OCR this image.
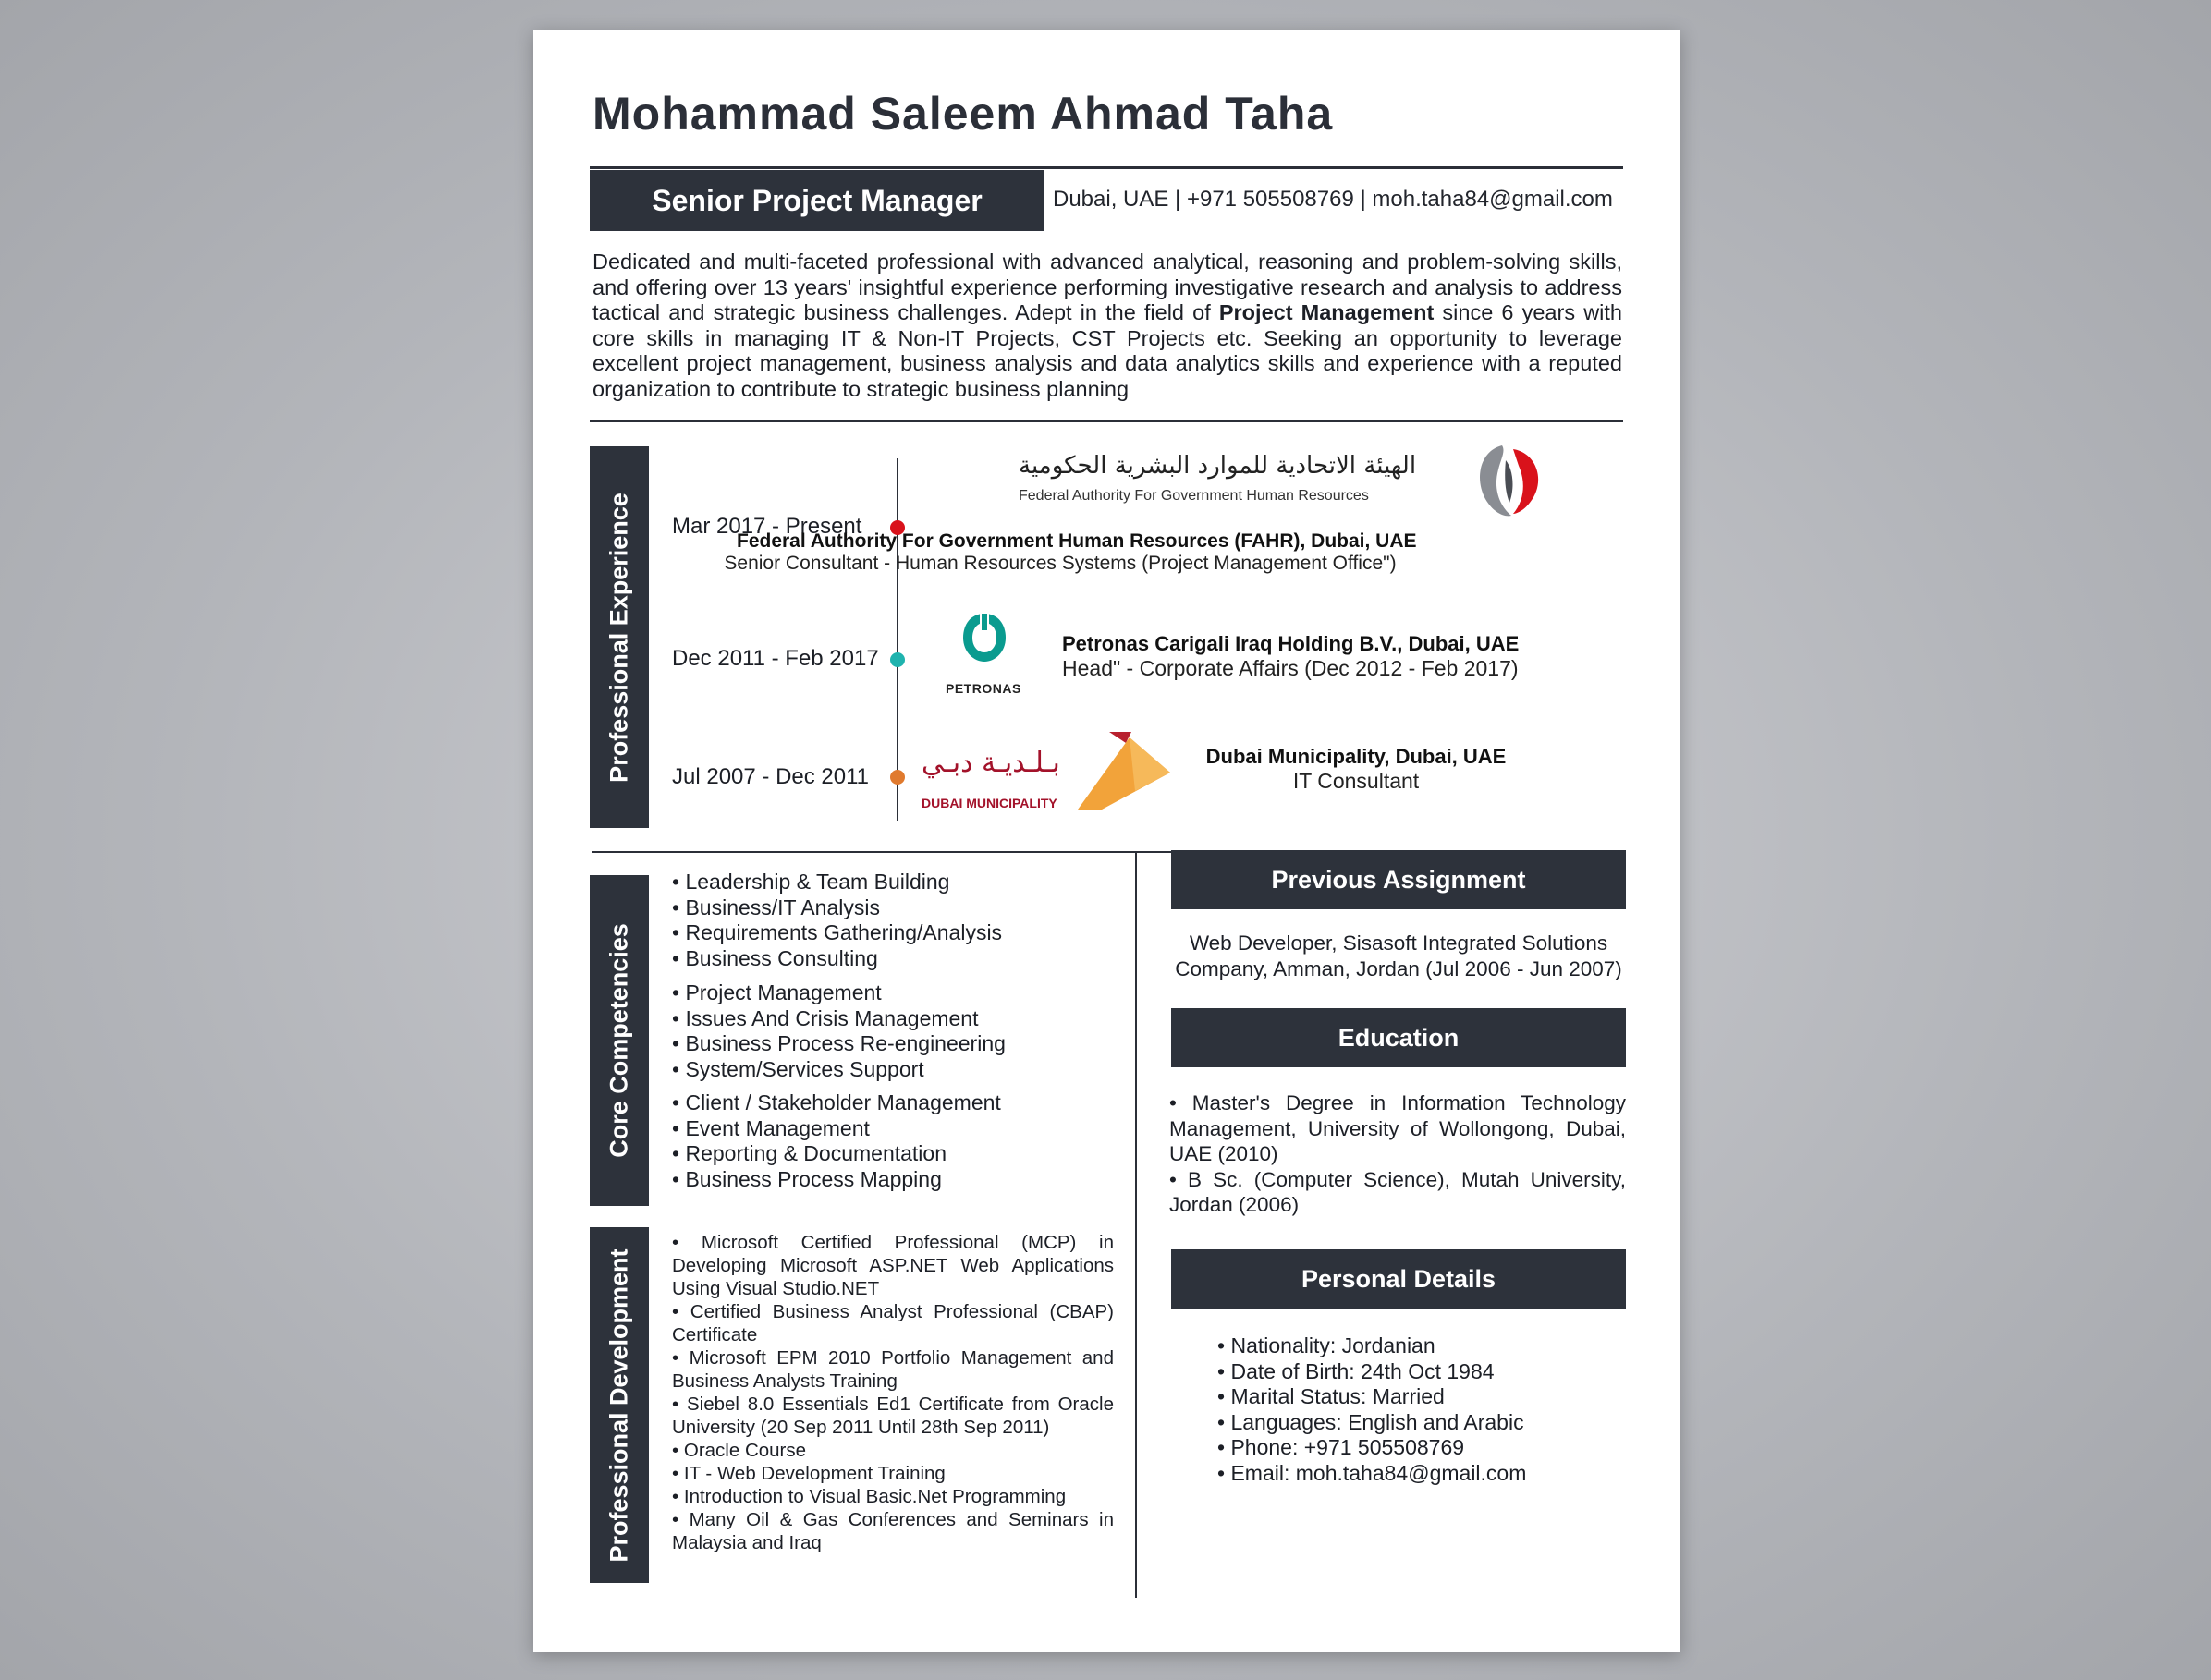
Mohammad Saleem Ahmad Taha
Senior Project Manager	Dubai, UAE | +971 505508769 | moh.taha84@gmail.com
Dedicated and multi-faceted professional with advanced analytical, reasoning and problem-solving skills, and offering over 13 years' insightful experience performing investigative research and analysis to address tactical and strategic business challenges. Adept in the field of Project Management since 6 years with core skills in managing IT & Non-IT Projects, CST Projects etc. Seeking an opportunity to leverage excellent project management, business analysis and data analytics skills and experience with a reputed organization to contribute to strategic business planning
Professional Experience Mar 2017 - Present
الهيئة الاتحادية للموارد البشرية الحكومية
Federal Authority For Government Human Resources
Federal Authority For Government Human Resources (FAHR), Dubai, UAE
Senior Consultant - Human Resources Systems (Project Management Office")
Dec 2011 - Feb 2017
PETRONAS
Petronas Carigali Iraq Holding B.V., Dubai, UAE
Head" - Corporate Affairs (Dec 2012 - Feb 2017)
Jul 2007 - Dec 2011 بـلـديـة دبـي
DUBAI MUNICIPALITY
Dubai Municipality, Dubai, UAE
IT Consultant
Core Competencies
• Leadership & Team Building
• Business/IT Analysis
• Requirements Gathering/Analysis
• Business Consulting
• Project Management
• Issues And Crisis Management
• Business Process Re-engineering
• System/Services Support
• Client / Stakeholder Management
• Event Management
• Reporting & Documentation
• Business Process Mapping
Professional Development
• Microsoft Certified Professional (MCP) in Developing Microsoft ASP.NET Web Applications Using Visual Studio.NET
• Certified Business Analyst Professional (CBAP) Certificate
• Microsoft EPM 2010 Portfolio Management and Business Analysts Training
• Siebel 8.0 Essentials Ed1 Certificate from Oracle University (20 Sep 2011 Until 28th Sep 2011)
• Oracle Course
• IT - Web Development Training
• Introduction to Visual Basic.Net Programming
• Many Oil & Gas Conferences and Seminars in Malaysia and Iraq
Previous Assignment
Web Developer, Sisasoft Integrated Solutions Company, Amman, Jordan (Jul 2006 - Jun 2007)
Education
• Master's Degree in Information Technology Management, University of Wollongong, Dubai, UAE (2010)
• B Sc. (Computer Science), Mutah University, Jordan (2006)
Personal Details
• Nationality: Jordanian
• Date of Birth: 24th Oct 1984
• Marital Status: Married
• Languages: English and Arabic
• Phone: +971 505508769
• Email: moh.taha84@gmail.com
